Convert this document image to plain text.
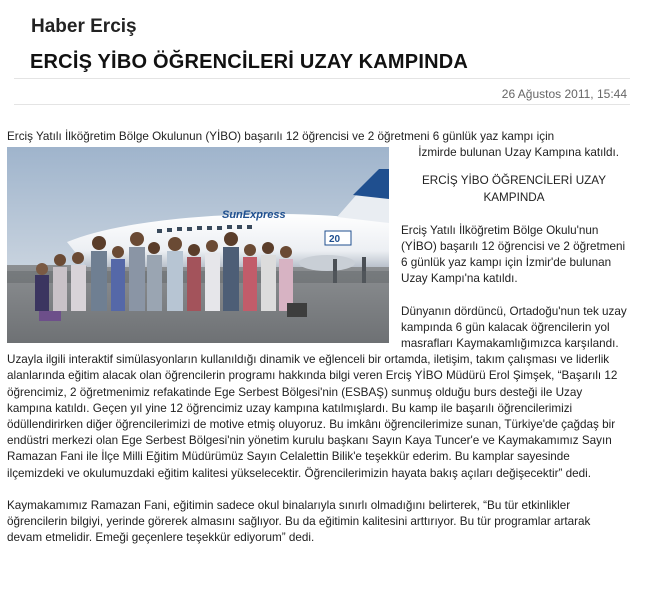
Haber Erciş
ERCİŞ YİBO ÖĞRENCİLERİ UZAY KAMPINDA
26 Ağustos 2011, 15:44
Erciş Yatılı İlköğretim Bölge Okulunun (YİBO) başarılı 12 öğrencisi ve 2 öğretmeni 6 günlük yaz kampı için
SunExpress
20
İzmirde bulunan Uzay Kampına katıldı.
ERCİŞ YİBO ÖĞRENCİLERİ UZAY KAMPINDA

Erciş Yatılı İlköğretim Bölge Okulu'nun (YİBO) başarılı 12 öğrencisi ve 2 öğretmeni 6 günlük yaz kampı için İzmir'de bulunan Uzay Kampı'na katıldı.

Dünyanın dördüncü, Ortadoğu'nun tek uzay kampında 6 gün kalacak öğrencilerin yol masrafları Kaymakamlığımızca karşılandı. Uzayla ilgili interaktif simülasyonların kullanıldığı dinamik ve eğlenceli bir ortamda, iletişim, takım çalışması ve liderlik alanlarında eğitim alacak olan öğrencilerin programı hakkında bilgi veren Erciş YİBO Müdürü Erol Şimşek, “Başarılı 12 öğrencimiz, 2 öğretmenimiz refakatinde Ege Serbest Bölgesi'nin (ESBAŞ) sunmuş olduğu burs desteği ile Uzay kampına katıldı. Geçen yıl yine 12 öğrencimiz uzay kampına katılmışlardı. Bu kamp ile başarılı öğrencilerimizi ödüllendirirken diğer öğrencilerimizi de motive etmiş oluyoruz. Bu imkânı öğrencilerimize sunan, Türkiye'de çağdaş bir endüstri merkezi olan Ege Serbest Bölgesi'nin yönetim kurulu başkanı Sayın Kaya Tuncer'e ve Kaymakamımız Sayın Ramazan Fani ile İlçe Milli Eğitim Müdürümüz Sayın Celalettin Bilik'e teşekkür ederim. Bu kamplar sayesinde ilçemizdeki ve okulumuzdaki eğitim kalitesi yükselecektir. Öğrencilerimizin hayata bakış açıları değişecektir” dedi.

Kaymakamımız Ramazan Fani, eğitimin sadece okul binalarıyla sınırlı olmadığını belirterek, “Bu tür etkinlikler öğrencilerin bilgiyi, yerinde görerek almasını sağlıyor. Bu da eğitimin kalitesini arttırıyor. Bu tür programlar artarak devam etmelidir. Emeği geçenlere teşekkür ediyorum” dedi.
